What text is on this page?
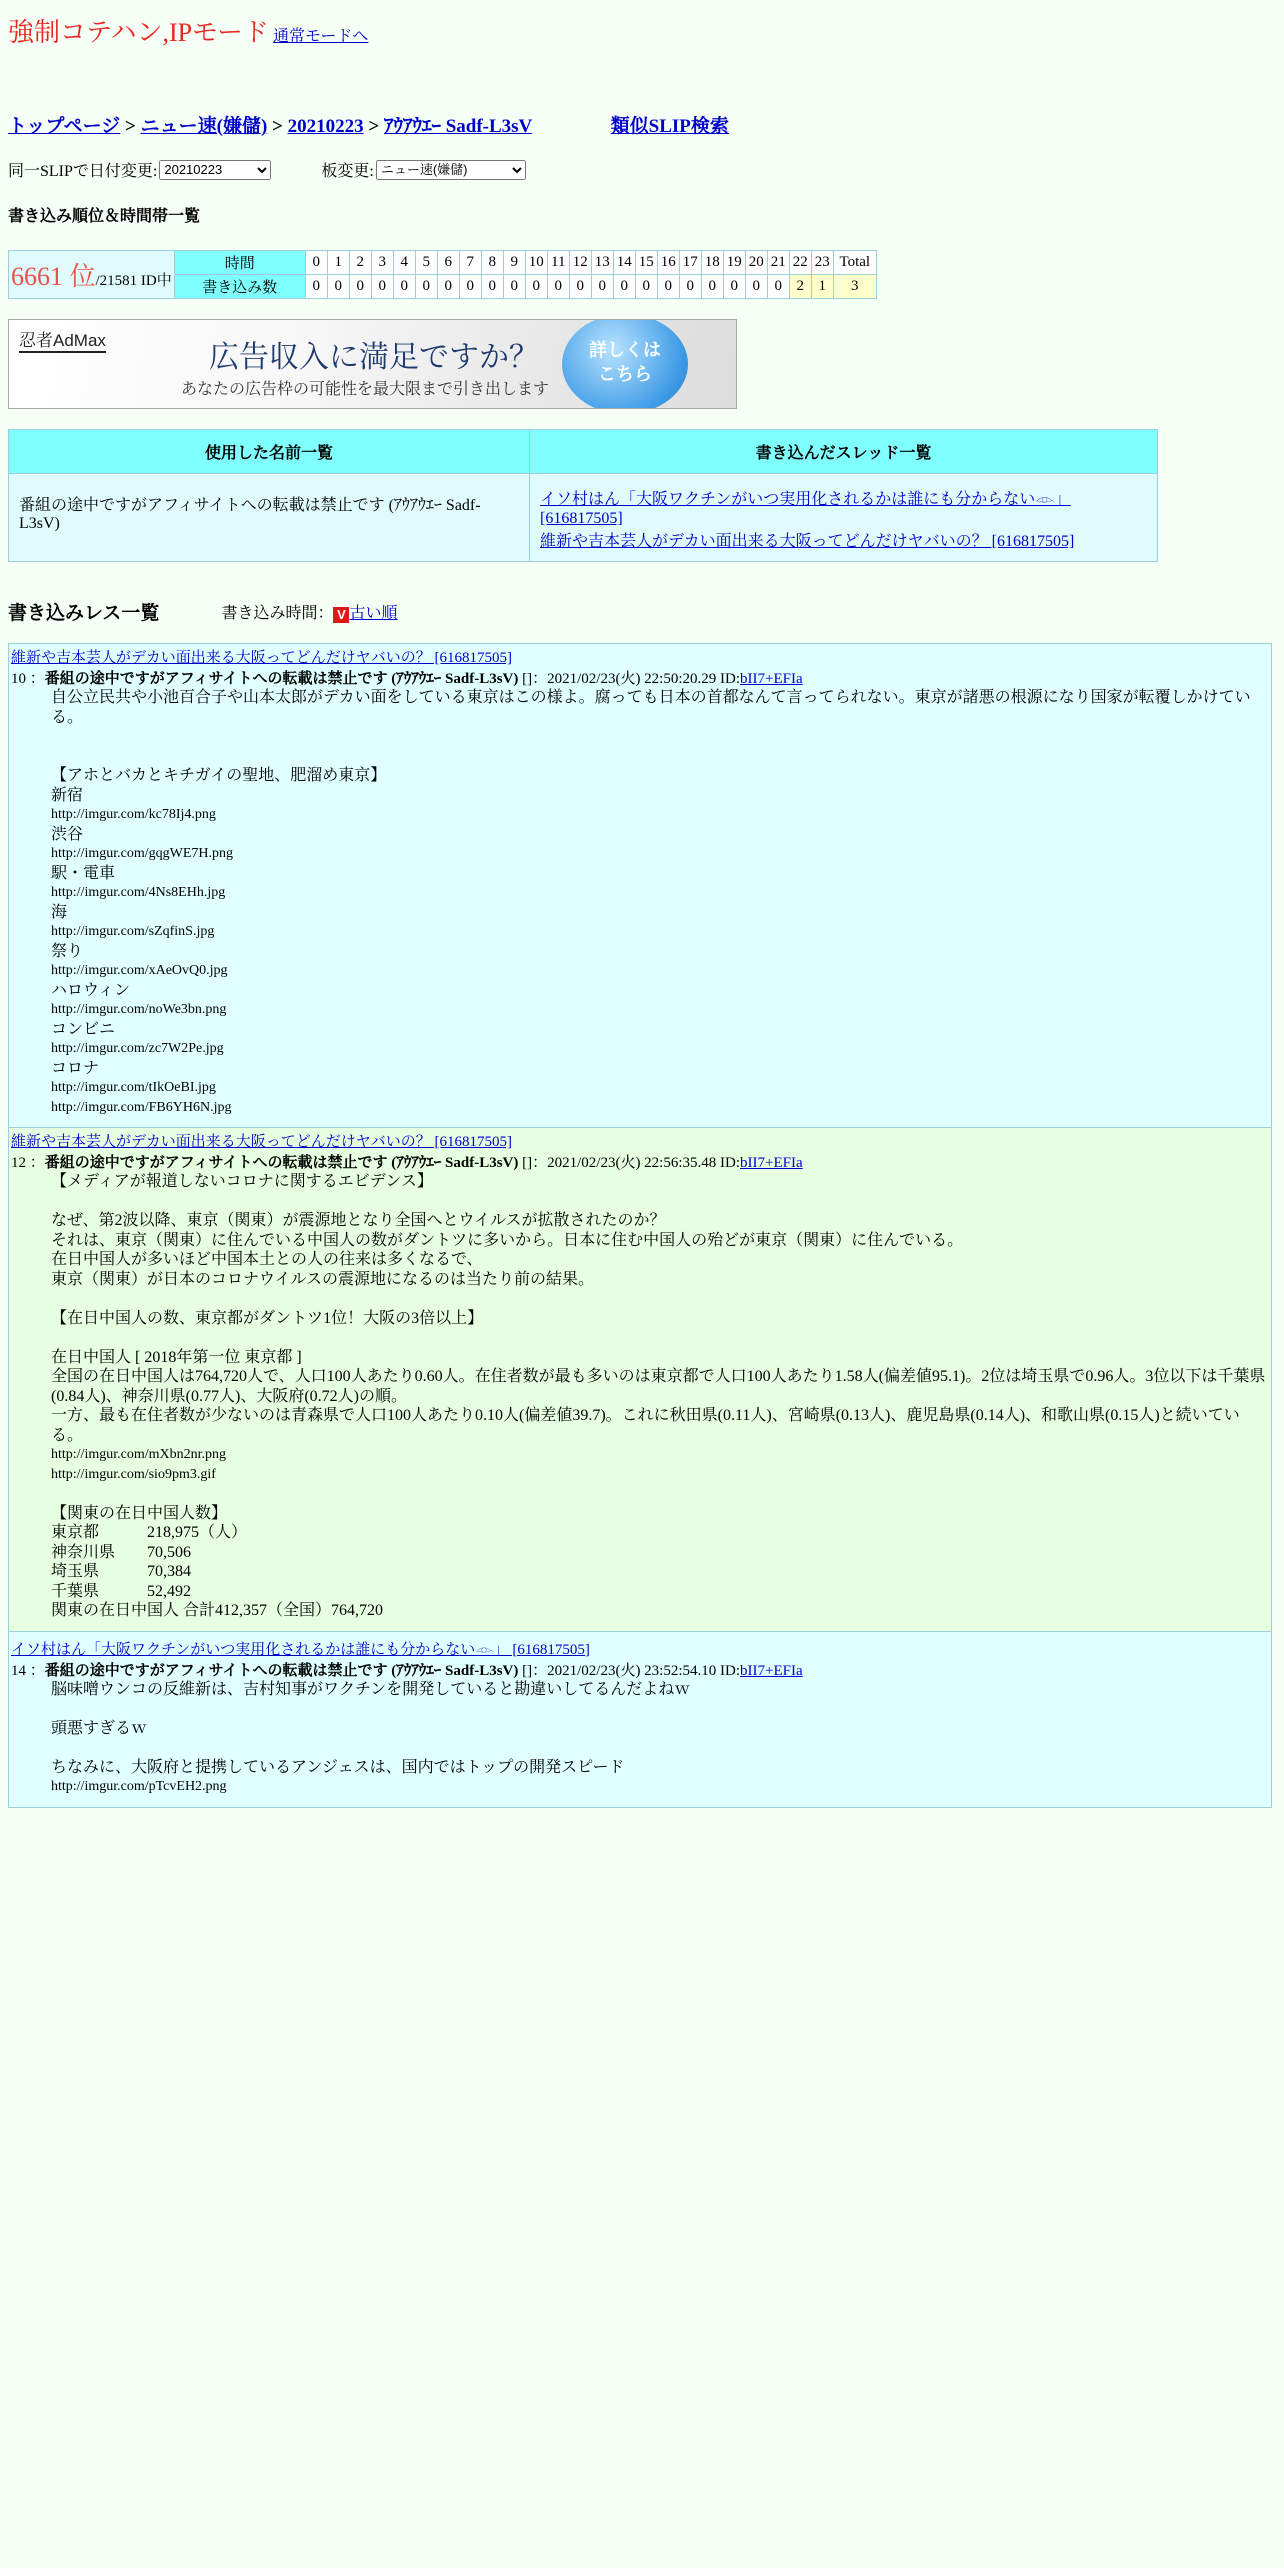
強制コテハン,IPモード 通常モードへ
トップページ > ニュー速(嫌儲) > 20210223 > ｱｳｱｳｴｰ Sadf-L3sV	類似SLIP検索
同一SLIPで日付変更:
20210223	板変更:
ニュー速(嫌儲)
書き込み順位＆時間帯一覧
6661 位/21581 ID中	時間	0	1	2	3	4	5	6	7	8	9	10	11	12	13	14	15	16	17	18	19	20	21	22	23	Total
	書き込み数	0	0	0	0	0	0	0	0	0	0	0	0	0	0	0	0	0	0	0	0	0	0	2	1	3
忍者AdMax
広告収入に満足ですか？
あなたの広告枠の可能性を最大限まで引き出します
詳しくは
こちら
使用した名前一覧	書き込んだスレッド一覧
番組の途中ですがアフィサイトへの転載は禁止です (ｱｳｱｳｴｰ Sadf-L3sV)	イソ村はん「大阪ワクチンがいつ実用化されるかは誰にも分からない𓁹」 [616817505]
維新や吉本芸人がデカい面出来る大阪ってどんだけヤバいの？ [616817505]
書き込みレス一覧	書き込み時間： V 古い順
維新や吉本芸人がデカい面出来る大阪ってどんだけヤバいの？ [616817505]
10 ：番組の途中ですがアフィサイトへの転載は禁止です (ｱｳｱｳｴｰ Sadf-L3sV) []：2021/02/23(火) 22:50:20.29 ID:bII7+EFIa
自公立民共や小池百合子や山本太郎がデカい面をしている東京はこの様よ。腐っても日本の首都なんて言ってられない。東京が諸悪の根源になり国家が転覆しかけている。

【アホとバカとキチガイの聖地、肥溜め東京】
新宿
http://imgur.com/kc78Ij4.png
渋谷
http://imgur.com/gqgWE7H.png
駅・電車
http://imgur.com/4Ns8EHh.jpg
海
http://imgur.com/sZqfinS.jpg
祭り
http://imgur.com/xAeOvQ0.jpg
ハロウィン
http://imgur.com/noWe3bn.png
コンビニ
http://imgur.com/zc7W2Pe.jpg
コロナ
http://imgur.com/tIkOeBI.jpg
http://imgur.com/FB6YH6N.jpg
維新や吉本芸人がデカい面出来る大阪ってどんだけヤバいの？ [616817505]
12 ：番組の途中ですがアフィサイトへの転載は禁止です (ｱｳｱｳｴｰ Sadf-L3sV) []：2021/02/23(火) 22:56:35.48 ID:bII7+EFIa
【メディアが報道しないコロナに関するエビデンス】

なぜ、第2波以降、東京（関東）が震源地となり全国へとウイルスが拡散されたのか？
それは、東京（関東）に住んでいる中国人の数がダントツに多いから。日本に住む中国人の殆どが東京（関東）に住んでいる。
在日中国人が多いほど中国本土との人の往来は多くなるで、
東京（関東）が日本のコロナウイルスの震源地になるのは当たり前の結果。

【在日中国人の数、東京都がダントツ1位！大阪の3倍以上】

在日中国人 [ 2018年第一位 東京都 ]
全国の在日中国人は764,720人で、人口100人あたり0.60人。在住者数が最も多いのは東京都で人口100人あたり1.58人(偏差値95.1)。2位は埼玉県で0.96人。3位以下は千葉県(0.84人)、神奈川県(0.77人)、大阪府(0.72人)の順。
一方、最も在住者数が少ないのは青森県で人口100人あたり0.10人(偏差値39.7)。これに秋田県(0.11人)、宮崎県(0.13人)、鹿児島県(0.14人)、和歌山県(0.15人)と続いている。
http://imgur.com/mXbn2nr.png
http://imgur.com/sio9pm3.gif

【関東の在日中国人数】
東京都　　　218,975（人）
神奈川県　　70,506
埼玉県　　　70,384
千葉県　　　52,492
関東の在日中国人 合計412,357（全国）764,720
イソ村はん「大阪ワクチンがいつ実用化されるかは誰にも分からない𓁹」 [616817505]
14 ：番組の途中ですがアフィサイトへの転載は禁止です (ｱｳｱｳｴｰ Sadf-L3sV) []：2021/02/23(火) 23:52:54.10 ID:bII7+EFIa
脳味噌ウンコの反維新は、吉村知事がワクチンを開発していると勘違いしてるんだよねｗ

頭悪すぎるｗ

ちなみに、大阪府と提携しているアンジェスは、国内ではトップの開発スピード
http://imgur.com/pTcvEH2.png
